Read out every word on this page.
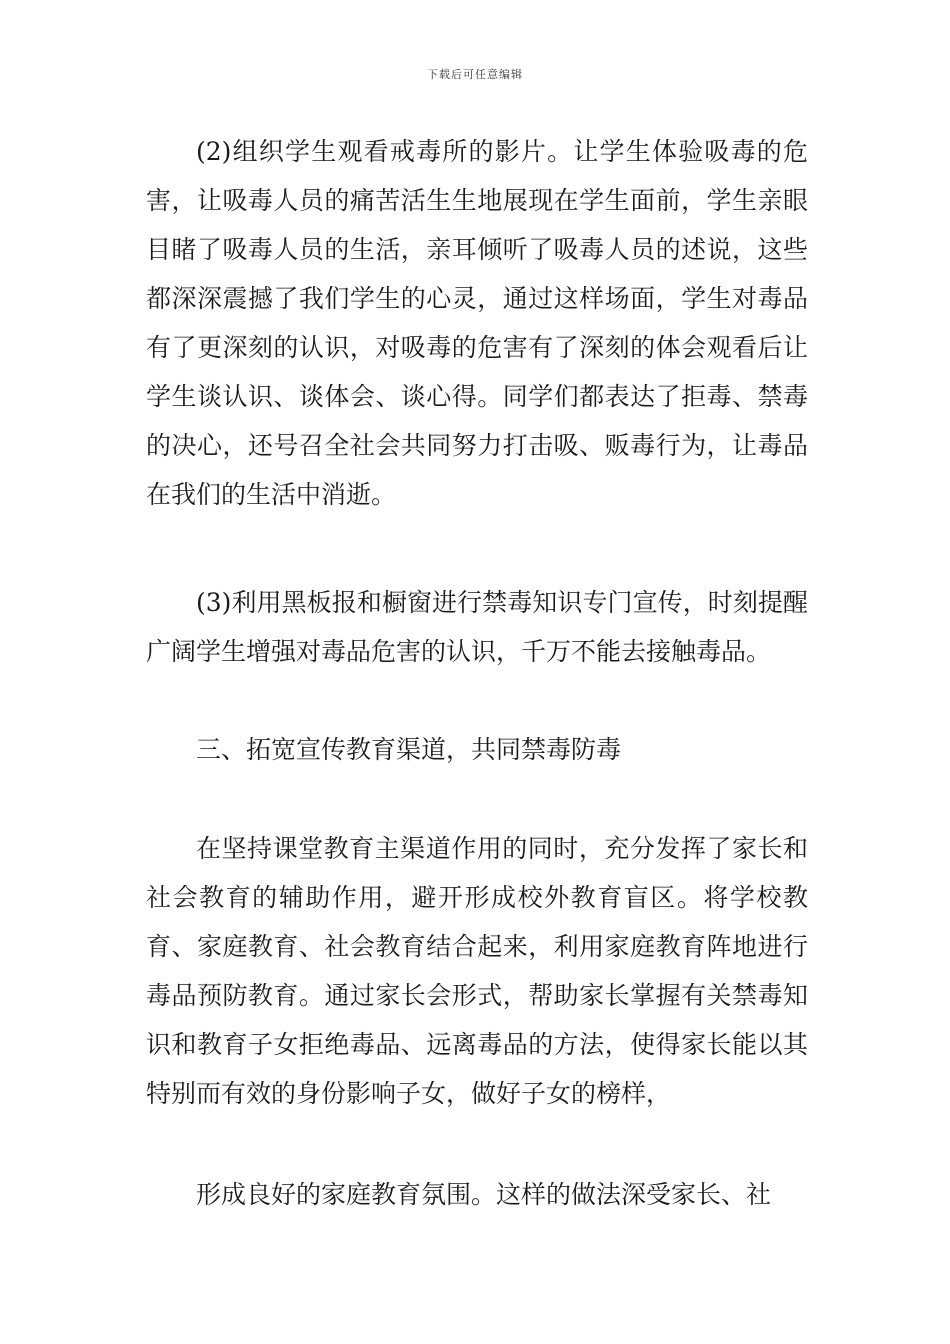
下载后可任意编辑

(2)组织学生观看戒毒所的影片。让学生体验吸毒的危害，让吸毒人员的痛苦活生生地展现在学生面前，学生亲眼目睹了吸毒人员的生活，亲耳倾听了吸毒人员的述说，这些都深深震撼了我们学生的心灵，通过这样场面，学生对毒品有了更深刻的认识，对吸毒的危害有了深刻的体会观看后让学生谈认识、谈体会、谈心得。同学们都表达了拒毒、禁毒的决心，还号召全社会共同努力打击吸、贩毒行为，让毒品在我们的生活中消逝。

(3)利用黑板报和橱窗进行禁毒知识专门宣传，时刻提醒广阔学生增强对毒品危害的认识，千万不能去接触毒品。

三、拓宽宣传教育渠道，共同禁毒防毒

在坚持课堂教育主渠道作用的同时，充分发挥了家长和社会教育的辅助作用，避开形成校外教育盲区。将学校教育、家庭教育、社会教育结合起来，利用家庭教育阵地进行毒品预防教育。通过家长会形式，帮助家长掌握有关禁毒知识和教育子女拒绝毒品、远离毒品的方法，使得家长能以其特别而有效的身份影响子女，做好子女的榜样，

形成良好的家庭教育氛围。这样的做法深受家长、社
